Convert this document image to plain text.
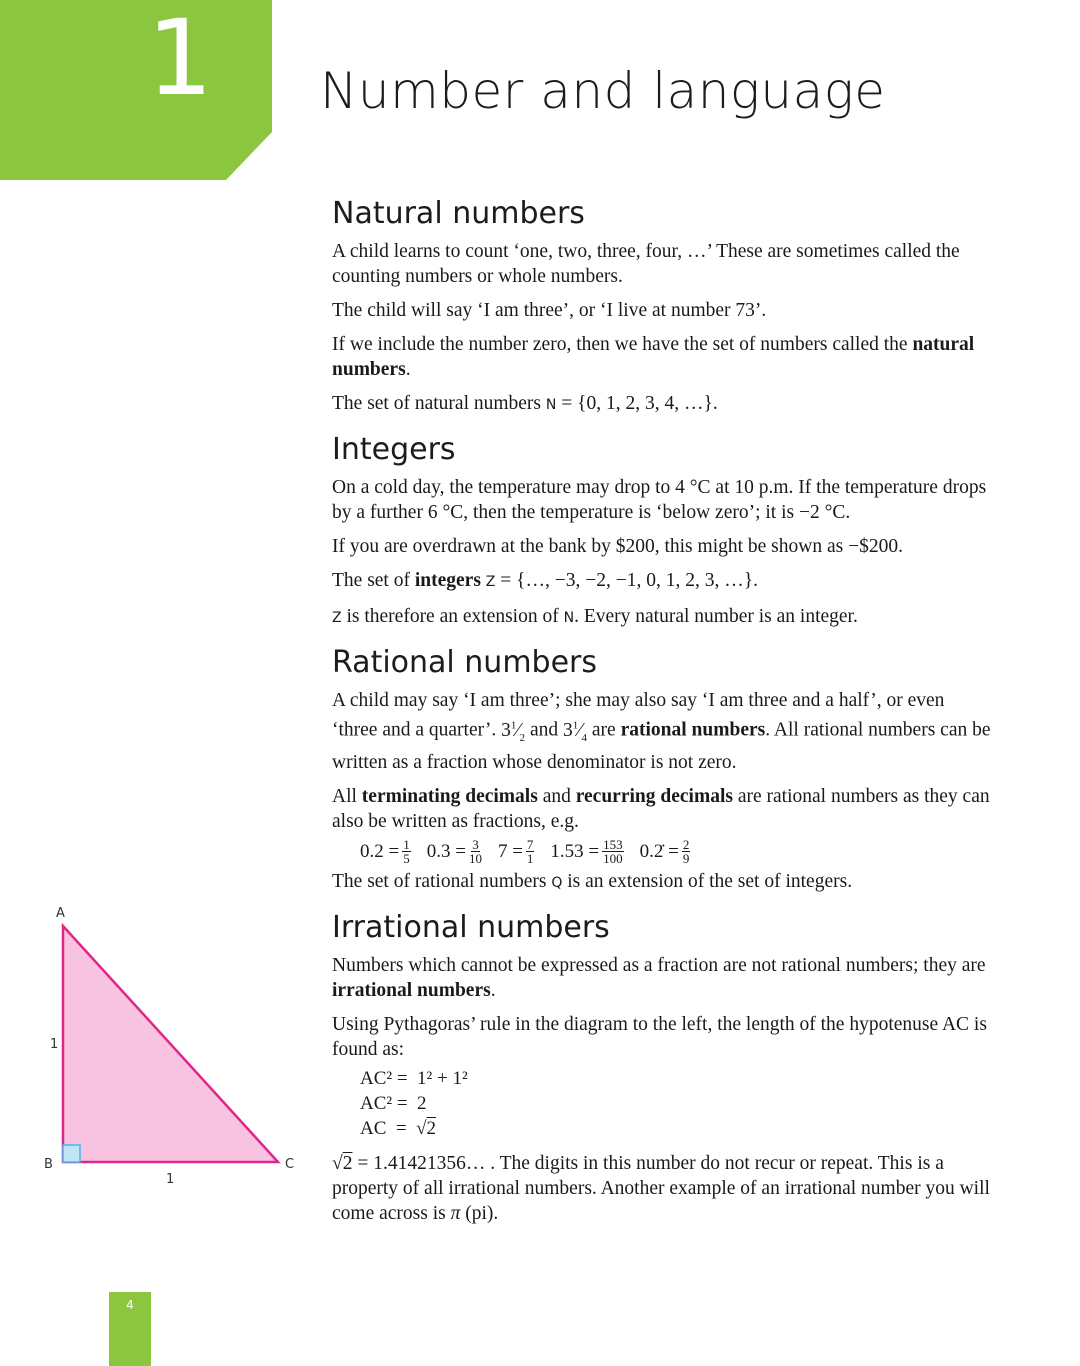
1	Number and language
Natural numbers

A child learns to count ‘one, two, three, four, …’ These are sometimes called the counting numbers or whole numbers.

The child will say ‘I am three’, or ‘I live at number 73’.

If we include the number zero, then we have the set of numbers called the natural numbers.

The set of natural numbers N = {0, 1, 2, 3, 4, …}.

Integers

On a cold day, the temperature may drop to 4 °C at 10 p.m. If the temperature drops by a further 6 °C, then the temperature is ‘below zero’; it is −2 °C.

If you are overdrawn at the bank by $200, this might be shown as −$200.

The set of integers Z = {…, −3, −2, −1, 0, 1, 2, 3, …}.

Z is therefore an extension of N. Every natural number is an integer.

Rational numbers

A child may say ‘I am three’; she may also say ‘I am three and a half’, or even ‘three and a quarter’. $3^1⁄_2$ and $3^1⁄_4$ are rational numbers. All rational numbers can be written as a fraction whose denominator is not zero.

All terminating decimals and recurring decimals are rational numbers as they can also be written as fractions, e.g.

$0.2 = \frac{1}{5} 0.3 = \frac{3}{10} 7 = \frac{7}{1} 1.53 = \frac{153}{100}$ 0.2̇ = $\frac{2}{9}$

The set of rational numbers Q is an extension of the set of integers.

Irrational numbers

Numbers which cannot be expressed as a fraction are not rational numbers; they are irrational numbers.

Using Pythagoras’ rule in the diagram to the left, the length of the hypotenuse AC is found as:

AC² =  1² + 1²
AC² =  2
AC  =  √2

√2 = 1.41421356… . The digits in this number do not recur or repeat. This is a property of all irrational numbers. Another example of an irrational number you will come across is π (pi).

A
B	C
1
1
4
